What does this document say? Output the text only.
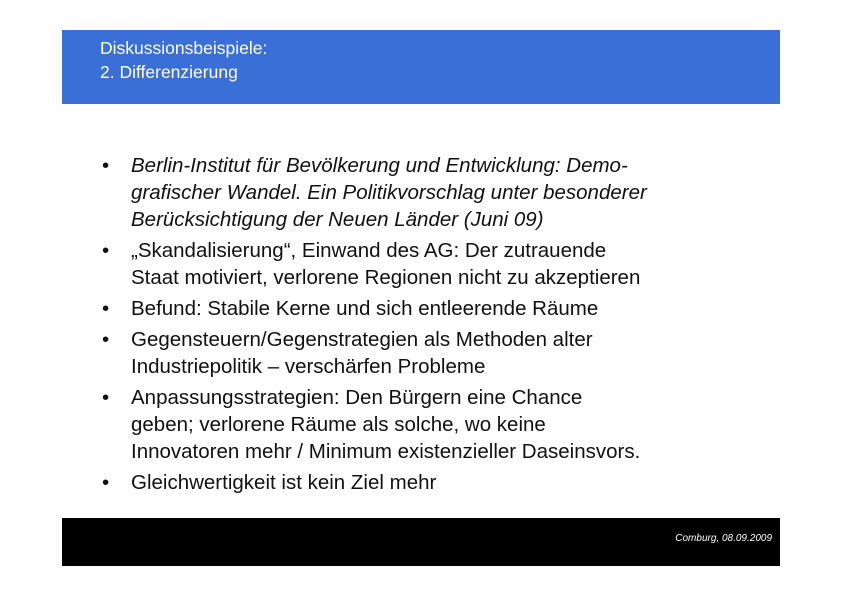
Diskussionsbeispiele:
2. Differenzierung
• Berlin-Institut für Bevölkerung und Entwicklung: Demo-
grafischer Wandel. Ein Politikvorschlag unter besonderer
Berücksichtigung der Neuen Länder (Juni 09)
• „Skandalisierung“, Einwand des AG: Der zutrauende
Staat motiviert, verlorene Regionen nicht zu akzeptieren
• Befund: Stabile Kerne und sich entleerende Räume
• Gegensteuern/Gegenstrategien als Methoden alter
Industriepolitik – verschärfen Probleme
• Anpassungsstrategien: Den Bürgern eine Chance
geben; verlorene Räume als solche, wo keine
Innovatoren mehr / Minimum existenzieller Daseinsvors.
• Gleichwertigkeit ist kein Ziel mehr
Comburg, 08.09.2009
